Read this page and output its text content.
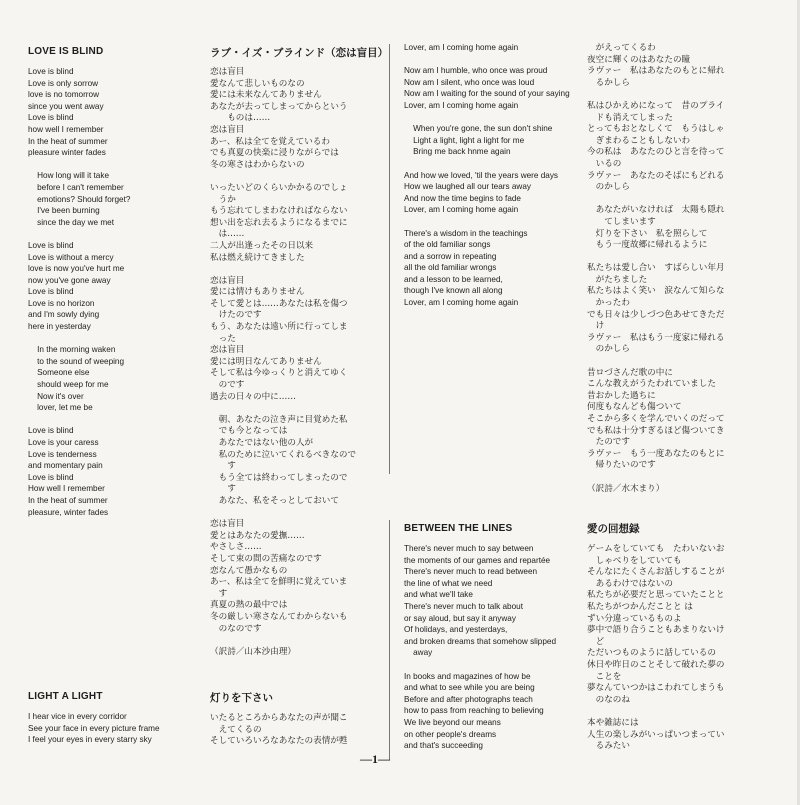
LOVE IS BLIND
Love is blind
Love is only sorrow
love is no tomorrow
since you went away
Love is blind
how well I remember
In the heat of summer
pleasure winter fades

How long will it take
before I can't remember
emotions? Should forget?
I've been burning
since the day we met

Love is blind
Love is without a mercy
love is now you've hurt me
now you've gone away
Love is blind
Love is no horizon
and I'm sowly dying
here in yesterday

In the morning waken
to the sound of weeping
Someone else
should weep for me
Now it's over
lover, let me be

Love is blind
Love is your caress
Love is tenderness
and momentary pain
Love is blind
How well I remember
In the heat of summer
pleasure, winter fades
ラブ・イズ・ブラインド（恋は盲目）
恋は盲目
愛なんて悲しいものなの
愛には未来なんてありません
あなたが去ってしまってからという
　　ものは……
恋は盲目
あー、私は全てを覚えているわ
でも真夏の快楽に浸りながらでは
冬の寒さはわからないの

いったいどのくらいかかるのでしょ
　うか
もう忘れてしまわなければならない
想い出を忘れ去るようになるまでに
　は……
二人が出逢ったその日以来
私は燃え続けてきました

恋は盲目
愛には情けもありません
そして愛とは……あなたは私を傷つ
　けたのです
もう、あなたは遠い所に行ってしま
　った
恋は盲目
愛には明日なんてありません
そして私は今ゆっくりと消えてゆく
　のです
過去の日々の中に……

　朝、あなたの泣き声に目覚めた私
　でも今となっては
　あなたではない他の人が
　私のために泣いてくれるべきなので
　　す
　もう全ては終わってしまったので
　　す
　あなた、私をそっとしておいて

恋は盲目
愛とはあなたの愛撫……
やさしさ……
そして束の間の苦痛なのです
恋なんて愚かなもの
あー、私は全てを鮮明に覚えていま
　す
真夏の熱の最中では
冬の厳しい寒さなんてわからないも
　のなのです

（訳詩／山本沙由理）
Lover, am I coming home again

Now am I humble, who once was proud
Now am I silent, who once was loud
Now am I waiting for the sound of your saying
Lover, am I coming home again

When you're gone, the sun don't shine
Light a light, light a light for me
Bring me back hnme again

And how we loved, 'til the years were days
How we laughed all our tears away
And now the time begins to fade
Lover, am I coming home again

There's a wisdom in the teachings
of the old familiar songs
and a sorrow in repeating
all the old familiar wrongs
and a lesson to be learned,
though I've known all along
Lover, am I coming home again
　がえってくるわ
夜空に輝くのはあなたの瞳
ラヴァー　私はあなたのもとに帰れ
　るかしら

私はひかえめになって　昔のプライ
　ドも消えてしまった
とってもおとなしくて　もうはしゃ
　ぎまわることもしないわ
今の私は　あなたのひと言を待って
　いるの
ラヴァー　あなたのそばにもどれる
　のかしら

　あなたがいなければ　太陽も隠れ
　　てしまいます
　灯りを下さい　私を照らして
　もう一度故郷に帰れるように

私たちは愛し合い　すばらしい年月
　がたちました
私たちはよく笑い　涙なんて知らな
　かったわ
でも日々は少しづつ色あせてきただ
　け
ラヴァー　私はもう一度家に帰れる
　のかしら

昔ロづさんだ歌の中に
こんな教えがうたわれていました
昔おかした過ちに
何度もなんども傷ついて
そこから多くを学んでいくのだって
でも私は十分すぎるほど傷ついてき
　たのです
ラヴァー　もう一度あなたのもとに
　帰りたいのです

（訳詩／水木まり）
BETWEEN THE LINES
There's never much to say between
the moments of our games and repartée
There's never much to read between
the line of what we need
and what we'll take
There's never much to talk about
or say aloud, but say it anyway
Of holidays, and yesterdays,
and broken dreams that somehow slipped
away

In books and magazines of how be
and what to see while you are being
Before and after photographs teach
how to pass from reaching to believing
We live beyond our means
on other people's dreams
and that's succeeding
愛の回想録
ゲームをしていても　たわいないお
　しゃべりをしていても
そんなにたくさんお話しすることが
　あるわけではないの
私たちが必要だと思っていたことと
私たちがつかんだことと は
ずい分違っているものよ
夢中で語り合うこともあまりないけ
　ど
ただいつものように話しているの
休日や昨日のことそして破れた夢の
　ことを
夢なんていつかはこわれてしまうも
　のなのね

本や雑誌には
人生の楽しみがいっぱいつまってい
　るみたい
LIGHT A LIGHT
I hear vice in every corridor
See your face in every picture frame
I feel your eyes in every starry sky
灯りを下さい
いたるところからあなたの声が聞こ
　えてくるの
そしていろいろなあなたの表情が甦
—1—
